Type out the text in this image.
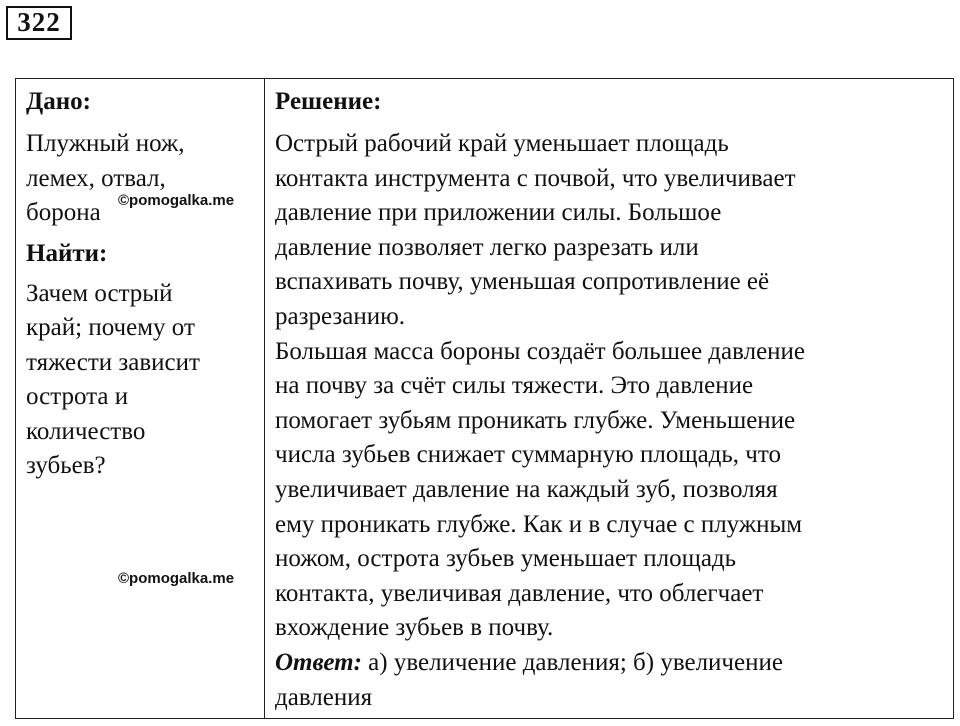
322

Дано:

Плужный нож,
лемех, отвал,
борона

Найти:

Зачем острый
край; почему от
тяжести зависит
острота и
количество
зубьев?

Решение:

Острый рабочий край уменьшает площадь
контакта инструмента с почвой, что увеличивает
давление при приложении силы. Большое
давление позволяет легко разрезать или
вспахивать почву, уменьшая сопротивление её
разрезанию.
Большая масса бороны создаёт большее давление
на почву за счёт силы тяжести. Это давление
помогает зубьям проникать глубже. Уменьшение
числа зубьев снижает суммарную площадь, что
увеличивает давление на каждый зуб, позволяя
ему проникать глубже. Как и в случае с плужным
ножом, острота зубьев уменьшает площадь
контакта, увеличивая давление, что облегчает
вхождение зубьев в почву.
Ответ: а) увеличение давления; б) увеличение
давления
©pomogalka.me
©pomogalka.me
